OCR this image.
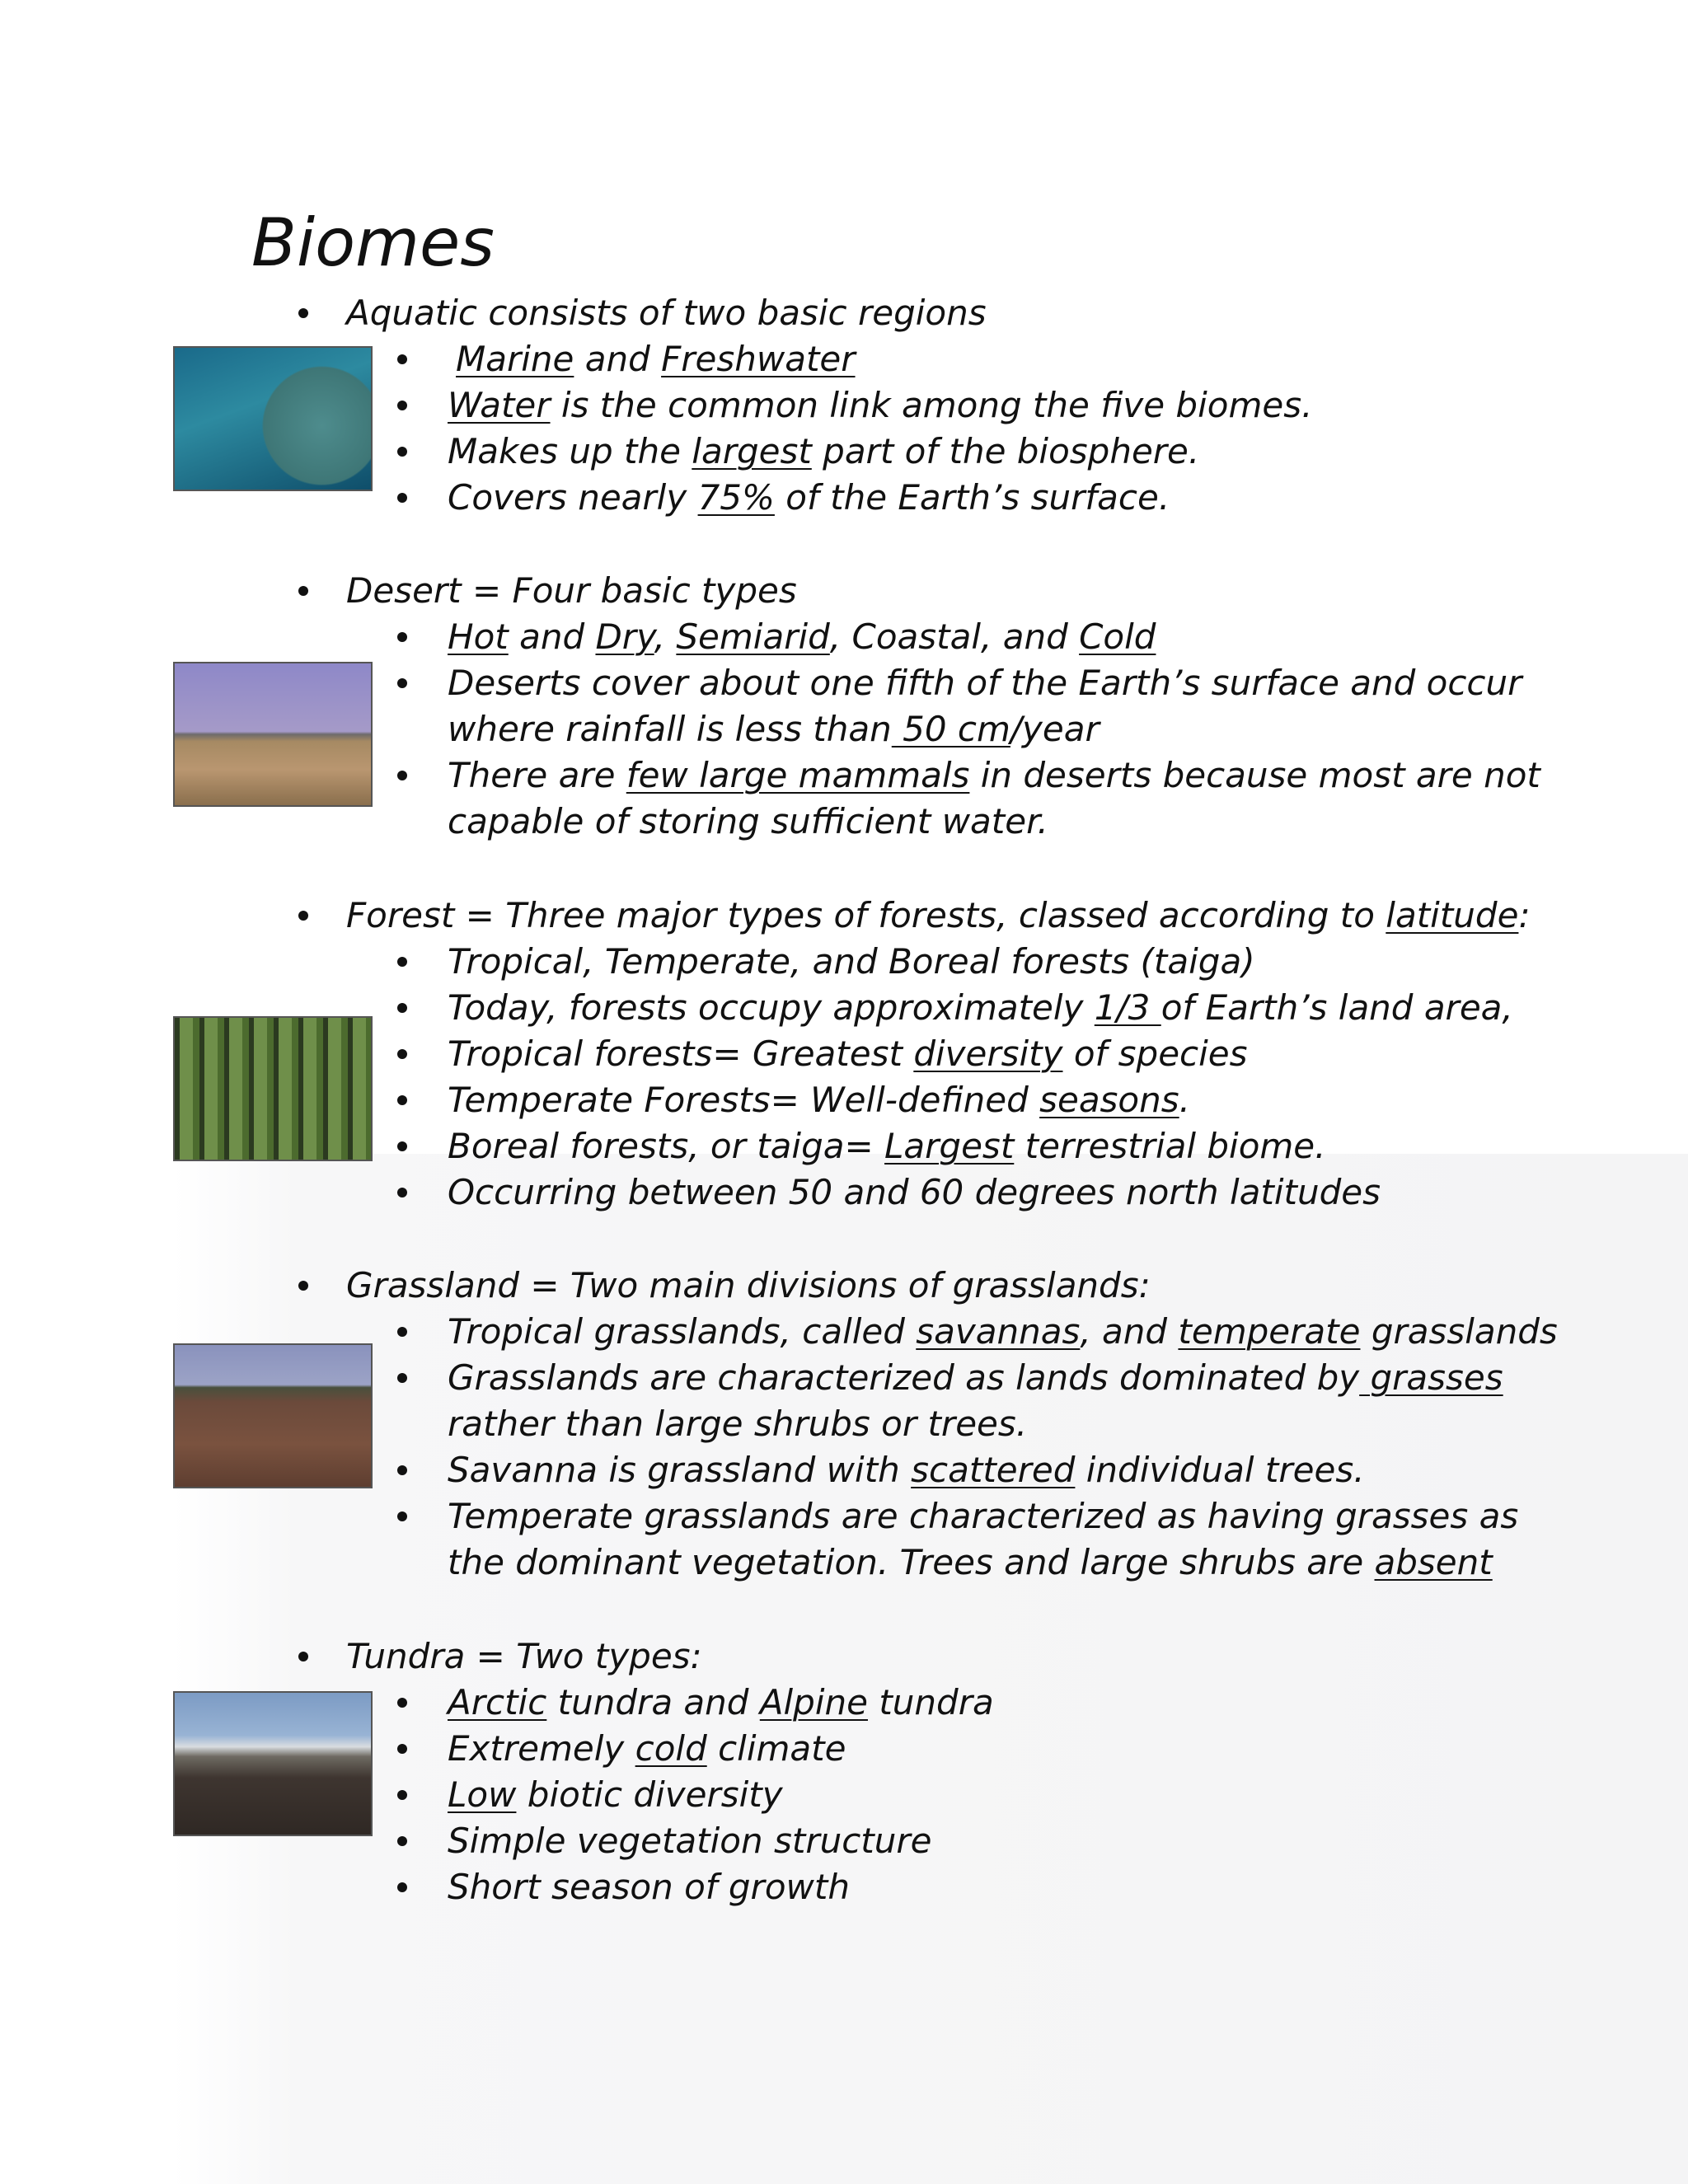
Biomes
Aquatic consists of two basic regions
Marine and Freshwater
Water is the common link among the five biomes.
Makes up the largest part of the biosphere.
Covers nearly 75% of the Earth’s surface.
Desert = Four basic types
Hot and Dry, Semiarid, Coastal, and Cold
Deserts cover about one fifth of the Earth’s surface and occur
where rainfall is less than 50 cm/year
There are few large mammals in deserts because most are not
capable of storing sufficient water.
Forest = Three major types of forests, classed according to latitude:
Tropical, Temperate, and Boreal forests (taiga)
Today, forests occupy approximately 1/3 of Earth’s land area,
Tropical forests= Greatest diversity of species
Temperate Forests= Well-defined seasons.
Boreal forests, or taiga= Largest terrestrial biome.
Occurring between 50 and 60 degrees north latitudes
Grassland = Two main divisions of grasslands:
Tropical grasslands, called savannas, and temperate grasslands
Grasslands are characterized as lands dominated by grasses
rather than large shrubs or trees.
Savanna is grassland with scattered individual trees.
Temperate grasslands are characterized as having grasses as
the dominant vegetation. Trees and large shrubs are absent
Tundra = Two types:
Arctic tundra and Alpine tundra
Extremely cold climate
Low biotic diversity
Simple vegetation structure
Short season of growth
